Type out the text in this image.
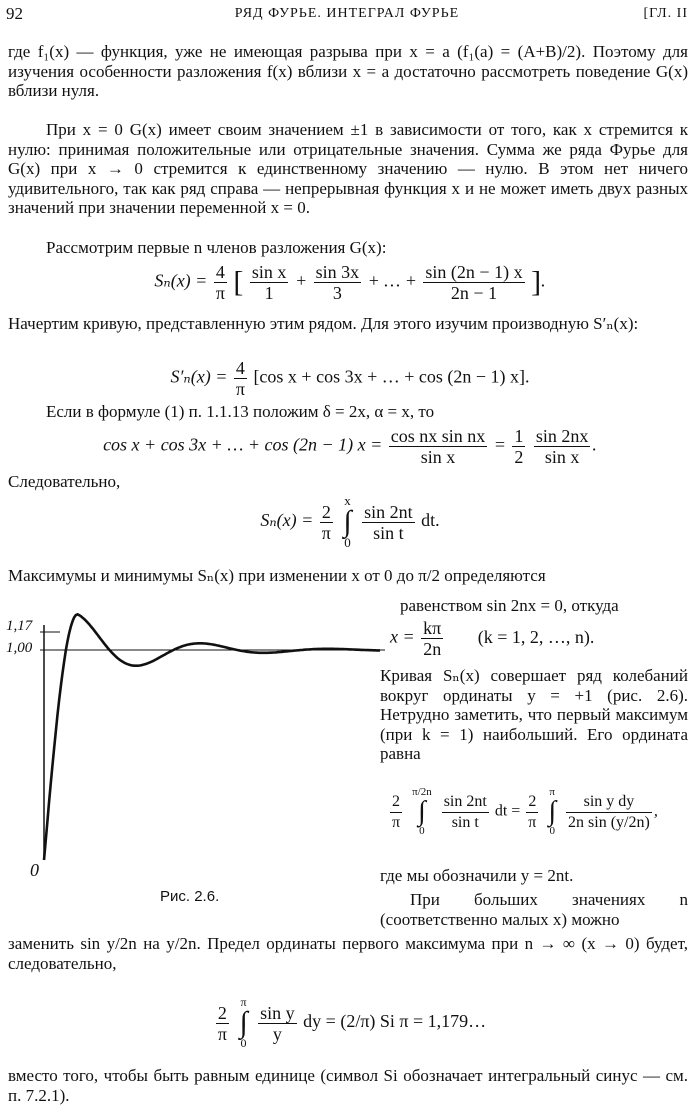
92	РЯД ФУРЬЕ. ИНТЕГРАЛ ФУРЬЕ	[ГЛ. II
где f₁(x) — функция, уже не имеющая разрыва при x = a (f₁(a) = (A+B)/2). Поэтому для изучения особенности разложения f(x) вблизи x = a достаточно рассмотреть поведение G(x) вблизи нуля.
При x = 0 G(x) имеет своим значением ±1 в зависимости от того, как x стремится к нулю: принимая положительные или отрицательные значения. Сумма же ряда Фурье для G(x) при x → 0 стремится к единственному значению — нулю. В этом нет ничего удивительного, так как ряд справа — непрерывная функция x и не может иметь двух разных значений при значении переменной x = 0.
Рассмотрим первые n членов разложения G(x):
$S_n(x) = \frac{4}{\pi}$ [ $\frac{\text{sin x}}{1} + \frac{\sin 3x}{3}$ + … + $\frac{\sin (2n - 1) x}{2n - 1}$ ].
Начертим кривую, представленную этим рядом. Для этого изучим производную S′ₙ(x):
$S'_n(x) = \frac{4}{\pi} [\cos$ x + cos 3x + … + cos (2n − 1) x].
Если в формуле (1) п. 1.1.13 положим δ = 2x, α = x, то
cos x + cos 3x + … + cos (2n − 1) $x = \frac{\text{cos nx sin nx}}{\text{sin x}} = \frac{1}{2}$
$\frac{\sin 2nx}{\text{sin x}}$ .
Следовательно,
$S_n(x) = \frac{2}{\pi}$

x
∫
0
$\frac{\sin 2nt}{\text{sin t}}$ dt.
Максимумы и минимумы Sₙ(x) при изменении x от 0 до π/2 определяются
1,17
1,00
0
Рис. 2.6.
равенством sin 2nx = 0, откуда
$x = \frac{k\pi}{2n} (k = 1$, 2, …, n).
Кривая Sₙ(x) совершает ряд колебаний вокруг ординаты y = +1 (рис. 2.6). Нетрудно заметить, что первый максимум (при k = 1) наибольший. Его ордината равна
$\frac{2}{\pi}$
π/2n
∫
0
	$\frac{\sin 2nt}{\text{sin t}}$ dt = $\frac{2}{\pi}$
π
∫
0
$\frac{\text{sin y dy}}{\text{2n sin (y/2n)}}$ ,
где мы обозначили y = 2nt.
При больших значениях n (соответственно малых x) можно
заменить sin y/2n на y/2n. Предел ординаты первого максимума при n → ∞ (x → 0) будет, следовательно,
$\frac{2}{\pi}$

π
∫
0
$\frac{\text{sin y}}{y}$ dy = (2/π) Si π = 1,179…
вместо того, чтобы быть равным единице (символ Si обозначает интегральный синус — см. п. 7.2.1).
